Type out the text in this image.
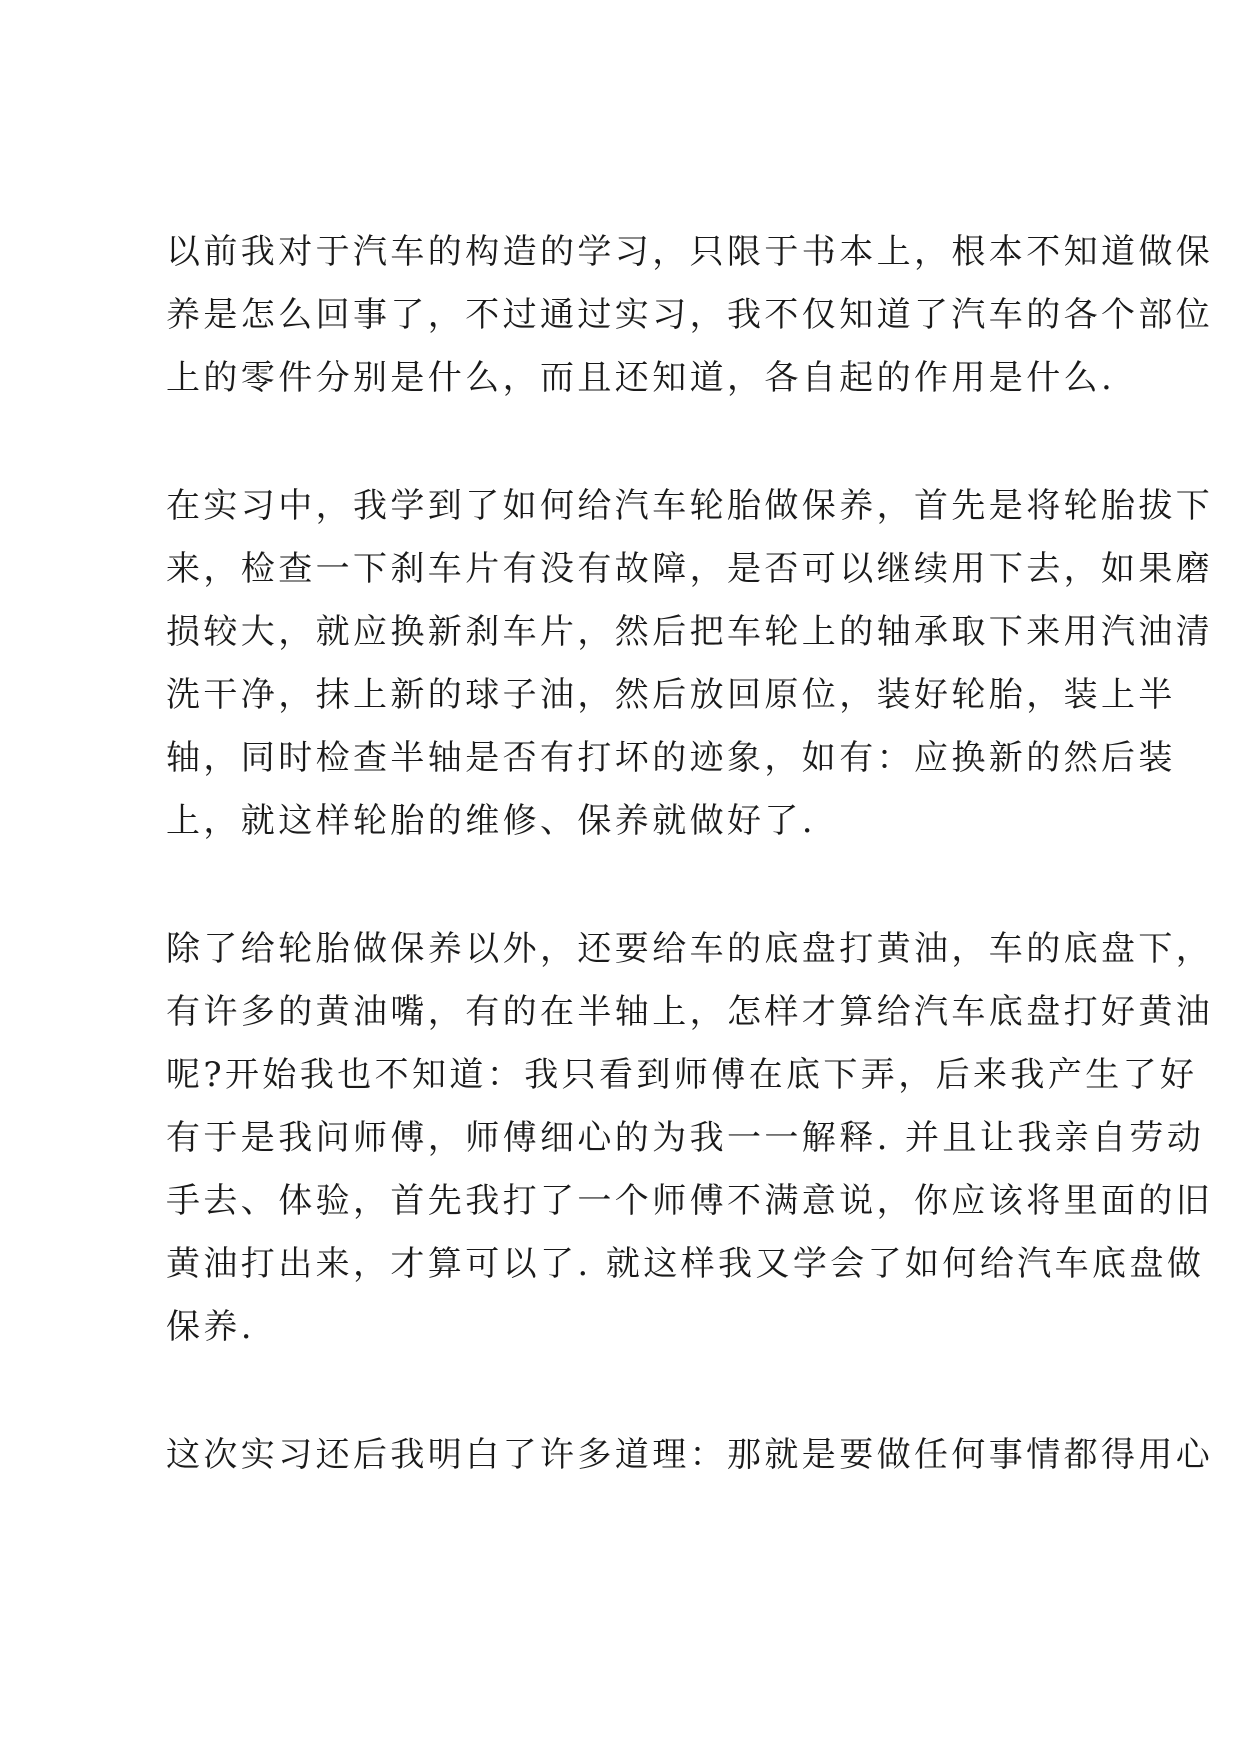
以前我对于汽车的构造的学习，只限于书本上，根本不知道做保
养是怎么回事了，不过通过实习，我不仅知道了汽车的各个部位
上的零件分别是什么，而且还知道，各自起的作用是什么.
在实习中，我学到了如何给汽车轮胎做保养，首先是将轮胎拔下
来，检查一下刹车片有没有故障，是否可以继续用下去，如果磨
损较大，就应换新刹车片，然后把车轮上的轴承取下来用汽油清
洗干净，抹上新的球子油，然后放回原位，装好轮胎，装上半
轴，同时检查半轴是否有打坏的迹象，如有：应换新的然后装
上，就这样轮胎的维修、保养就做好了.
除了给轮胎做保养以外，还要给车的底盘打黄油，车的底盘下，
有许多的黄油嘴，有的在半轴上，怎样才算给汽车底盘打好黄油
呢?开始我也不知道：我只看到师傅在底下弄，后来我产生了好
有于是我问师傅，师傅细心的为我一一解释. 并且让我亲自劳动
手去、体验，首先我打了一个师傅不满意说，你应该将里面的旧
黄油打出来，才算可以了. 就这样我又学会了如何给汽车底盘做
保养.
这次实习还后我明白了许多道理：那就是要做任何事情都得用心
